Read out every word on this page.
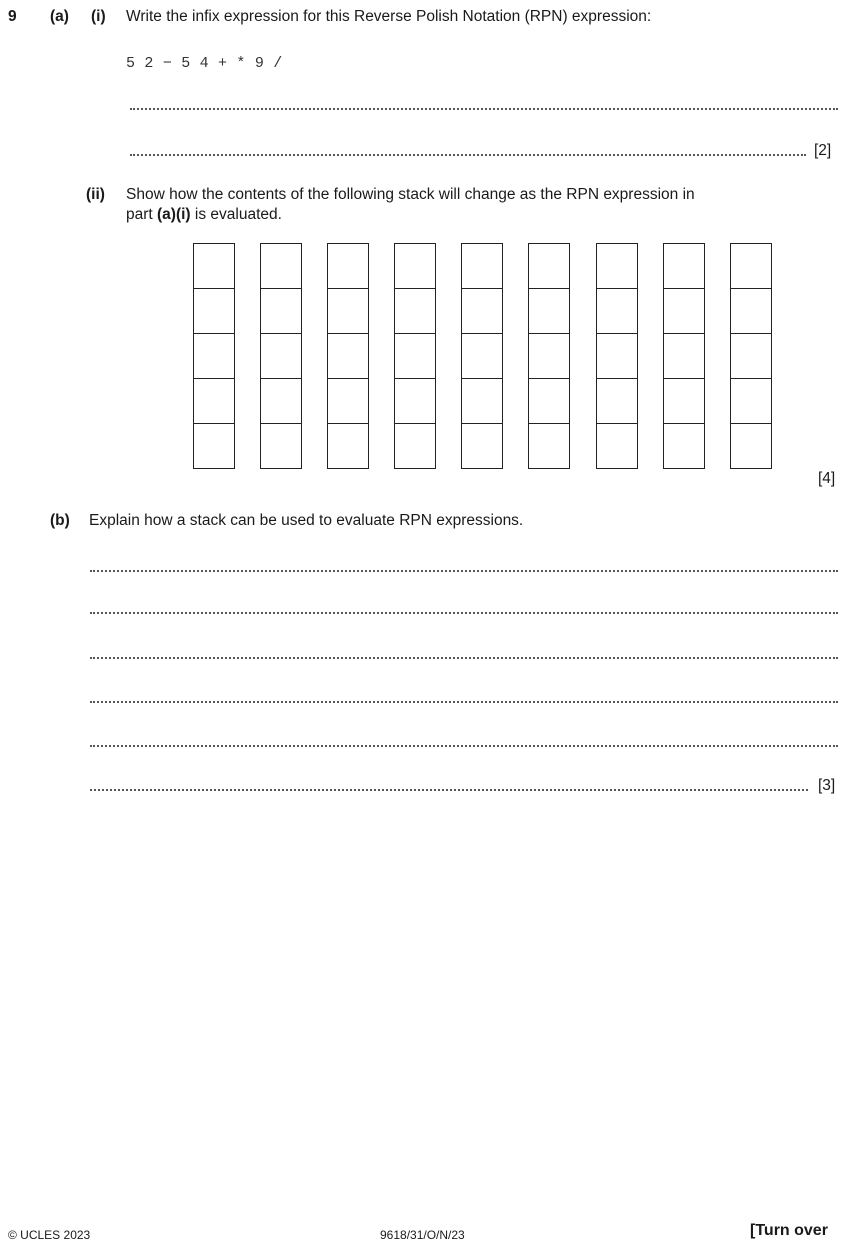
9 (a) (i) Write the infix expression for this Reverse Polish Notation (RPN) expression:
5 2 − 5 4 + * 9 /
[2]
(ii) Show how the contents of the following stack will change as the RPN expression in
part (a)(i) is evaluated.
[4]
(b) Explain how a stack can be used to evaluate RPN expressions.
[3]
© UCLES 2023	9618/31/O/N/23	[Turn over
